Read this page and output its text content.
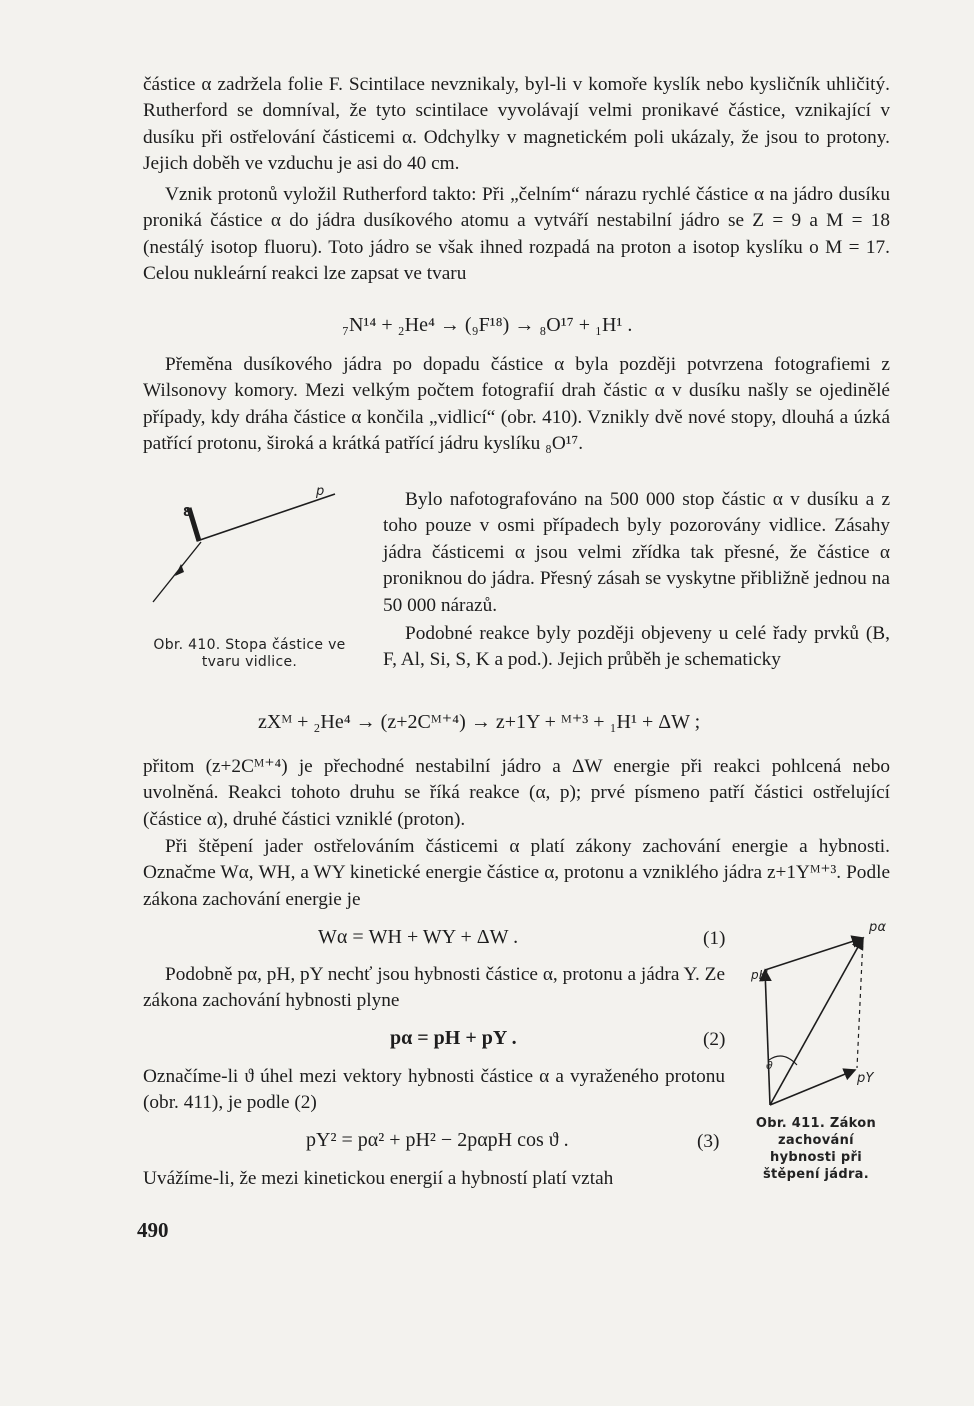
částice α zadržela folie F. Scintilace nevznikaly, byl-li v komoře kyslík nebo kysličník uhličitý. Rutherford se domníval, že tyto scintilace vyvolávají velmi pronikavé částice, vznikající v dusíku při ostřelování částicemi α. Odchylky v magnetickém poli ukázaly, že jsou to protony. Jejich doběh ve vzduchu je asi do 40 cm.

Vznik protonů vyložil Rutherford takto: Při „čelním“ nárazu rychlé částice α na jádro dusíku proniká částice α do jádra dusíkového atomu a vytváří nestabilní jádro se Z = 9 a M = 18 (nestálý isotop fluoru). Toto jádro se však ihned rozpadá na proton a isotop kyslíku o M = 17. Celou nukleární reakci lze zapsat ve tvaru

₇N¹⁴ + ₂He⁴ → (₉F¹⁸) → ₈O¹⁷ + ₁H¹ .

Přeměna dusíkového jádra po dopadu částice α byla později potvrzena fotografiemi z Wilsonovy komory. Mezi velkým počtem fotografií drah částic α v dusíku našly se ojedinělé případy, kdy dráha částice α končila „vidlicí“ (obr. 410). Vznikly dvě nové stopy, dlouhá a úzká patřící protonu, široká a krátká patřící jádru kyslíku ₈O¹⁷.

p
8
Obr. 410. Stopa částice ve tvaru vidlice.

Bylo nafotografováno na 500 000 stop částic α v dusíku a z toho pouze v osmi případech byly pozorovány vidlice. Zásahy jádra částicemi α jsou velmi zřídka tak přesné, že částice α proniknou do jádra. Přesný zásah se vyskytne přibližně jednou na 50 000 nárazů.

Podobné reakce byly později objeveny u celé řady prvků (B, F, Al, Si, S, K a pod.). Jejich průběh je schematicky

zXᴹ + ₂He⁴ → (z+2Cᴹ⁺⁴) → z+1Y + ᴹ⁺³ + ₁H¹ + ΔW ;

přitom (z+2Cᴹ⁺⁴) je přechodné nestabilní jádro a ΔW energie při reakci pohlcená nebo uvolněná. Reakci tohoto druhu se říká reakce (α, p); prvé písmeno patří částici ostřelující (částice α), druhé částici vzniklé (proton).

Při štěpení jader ostřelováním částicemi α platí zákony zachování energie a hybnosti. Označme Wα, WH, a WY kinetické energie částice α, protonu a vzniklého jádra z+1Yᴹ⁺³. Podle zákona zachování energie je

Wα = WH + WY + ΔW .	(1)

Podobně pα, pH, pY nechť jsou hybnosti částice α, protonu a jádra Y. Ze zákona zachování hybnosti plyne

pα = pH + pY .	(2)

Označíme-li ϑ úhel mezi vektory hybnosti částice α a vyraženého protonu (obr. 411), je podle (2)

pY² = pα² + pH² − 2pαpH cos ϑ .	(3)

Uvážíme-li, že mezi kinetickou energií a hybností platí vztah

pα
pH
pY
ϑ
Obr. 411. Zákon zachování hybnosti při štěpení jádra.
490
